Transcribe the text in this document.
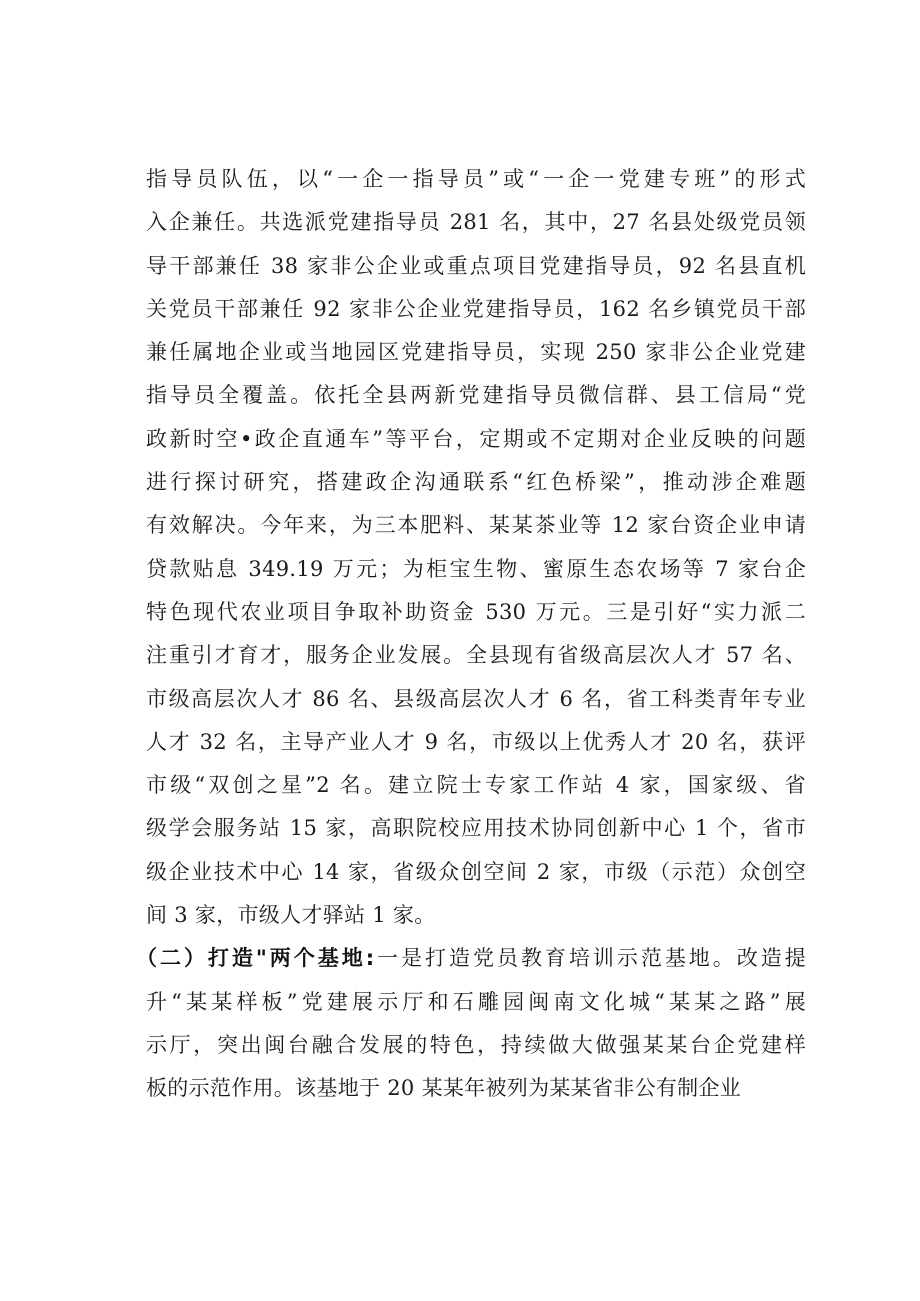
指导员队伍，以“一企一指导员”或“一企一党建专班”的形式
入企兼任。共选派党建指导员 281 名，其中，27 名县处级党员领
导干部兼任 38 家非公企业或重点项目党建指导员，92 名县直机
关党员干部兼任 92 家非公企业党建指导员，162 名乡镇党员干部
兼任属地企业或当地园区党建指导员，实现 250 家非公企业党建
指导员全覆盖。依托全县两新党建指导员微信群、县工信局“党
政新时空•政企直通车”等平台，定期或不定期对企业反映的问题
进行探讨研究，搭建政企沟通联系“红色桥梁”，推动涉企难题
有效解决。今年来，为三本肥料、某某茶业等 12 家台资企业申请
贷款贴息 349.19 万元；为柜宝生物、蜜原生态农场等 7 家台企
特色现代农业项目争取补助资金 530 万元。三是引好“实力派二
注重引才育才，服务企业发展。全县现有省级高层次人才 57 名、
市级高层次人才 86 名、县级高层次人才 6 名，省工科类青年专业
人才 32 名，主导产业人才 9 名，市级以上优秀人才 20 名，获评
市级“双创之星”2 名。建立院士专家工作站 4 家，国家级、省
级学会服务站 15 家，高职院校应用技术协同创新中心 1 个，省市
级企业技术中心 14 家，省级众创空间 2 家，市级（示范）众创空
间 3 家，市级人才驿站 1 家。
（二）打造"两个基地:一是打造党员教育培训示范基地。改造提
升“某某样板”党建展示厅和石雕园闽南文化城“某某之路”展
示厅，突出闽台融合发展的特色，持续做大做强某某台企党建样
板的示范作用。该基地于 20 某某年被列为某某省非公有制企业
